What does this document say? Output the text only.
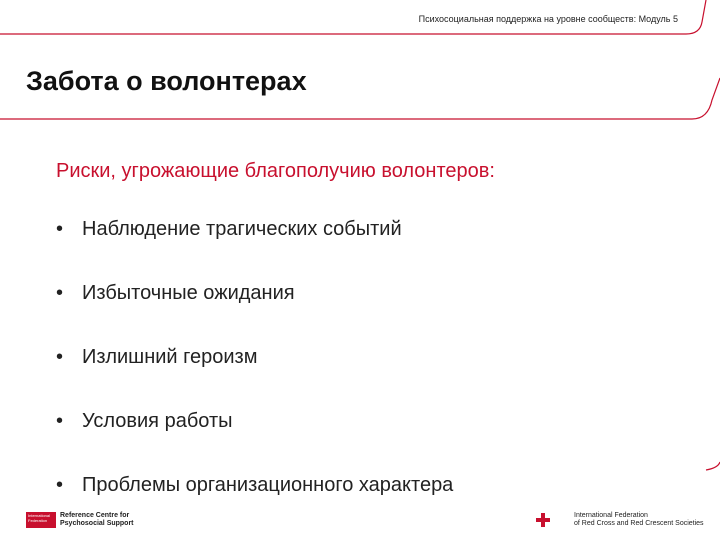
Психосоциальная поддержка на уровне сообществ: Модуль 5
Забота о волонтерах
Риски, угрожающие благополучию волонтеров:
• Наблюдение трагических событий
• Избыточные ожидания
• Излишний героизм
• Условия работы
• Проблемы организационного характера
International Federation
Reference Centre for
Psychosocial Support
International Federation
of Red Cross and Red Crescent Societies
